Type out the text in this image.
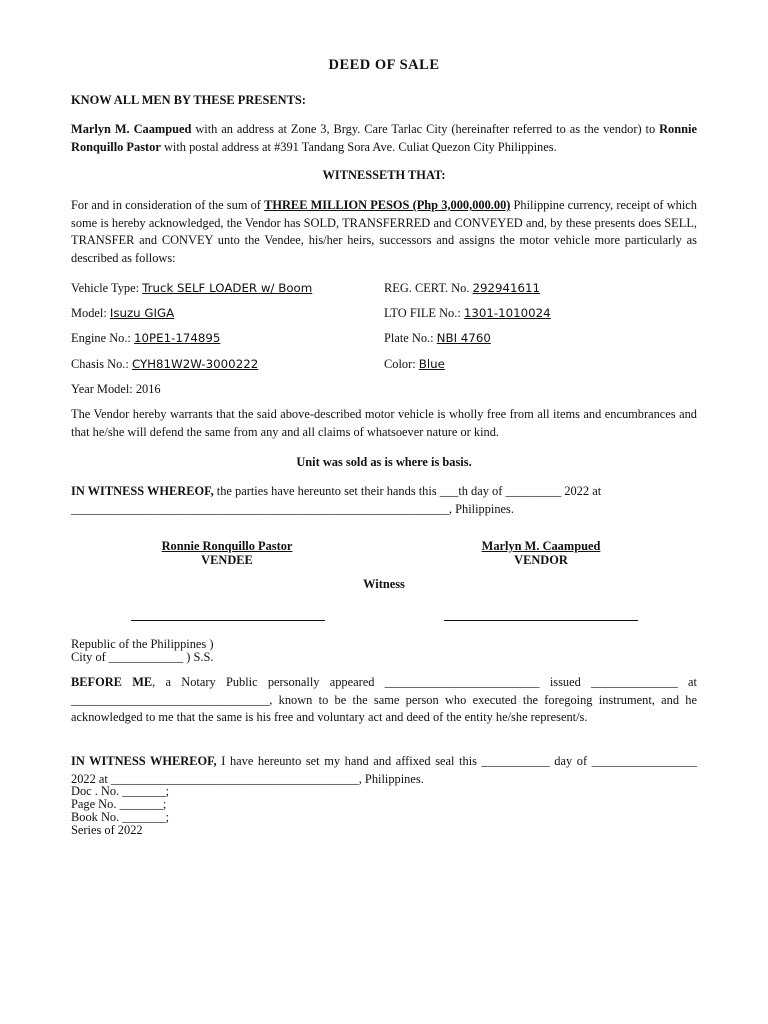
DEED OF SALE
KNOW ALL MEN BY THESE PRESENTS:
Marlyn M. Caampued with an address at Zone 3, Brgy. Care Tarlac City (hereinafter referred to as the vendor) to Ronnie Ronquillo Pastor with postal address at #391 Tandang Sora Ave. Culiat Quezon City Philippines.
WITNESSETH THAT:
For and in consideration of the sum of THREE MILLION PESOS (Php 3,000,000.00) Philippine currency, receipt of which some is hereby acknowledged, the Vendor has SOLD, TRANSFERRED and CONVEYED and, by these presents does SELL, TRANSFER and CONVEY unto the Vendee, his/her heirs, successors and assigns the motor vehicle more particularly as described as follows:
Vehicle Type: Truck SELF LOADER w/ Boom	REG. CERT. No. 292941611
Model: Isuzu GIGA	LTO FILE No.: 1301-1010024
Engine No.: 10PE1-174895	Plate No.: NBI 4760
Chasis No.: CYH81W2W-3000222	Color: Blue
Year Model: 2016
The Vendor hereby warrants that the said above-described motor vehicle is wholly free from all items and encumbrances and that he/she will defend the same from any and all claims of whatsoever nature or kind.
Unit was sold as is where is basis.
IN WITNESS WHEREOF, the parties have hereunto set their hands this ___th day of _________ 2022 at
_____________________________________________________________, Philippines.
Ronnie Ronquillo Pastor
VENDEE
Marlyn M. Caampued
VENDOR
Witness
Republic of the Philippines )
City of ____________ ) S.S.
BEFORE ME, a Notary Public personally appeared _________________________ issued ______________ at ________________________________, known to be the same person who executed the foregoing instrument, and he acknowledged to me that the same is his free and voluntary act and deed of the entity he/she represent/s.
IN WITNESS WHEREOF, I have hereunto set my hand and affixed seal this ___________ day of _________________ 2022 at ________________________________________, Philippines.
Doc . No. _______;
Page No. _______;
Book No. _______;
Series of 2022
